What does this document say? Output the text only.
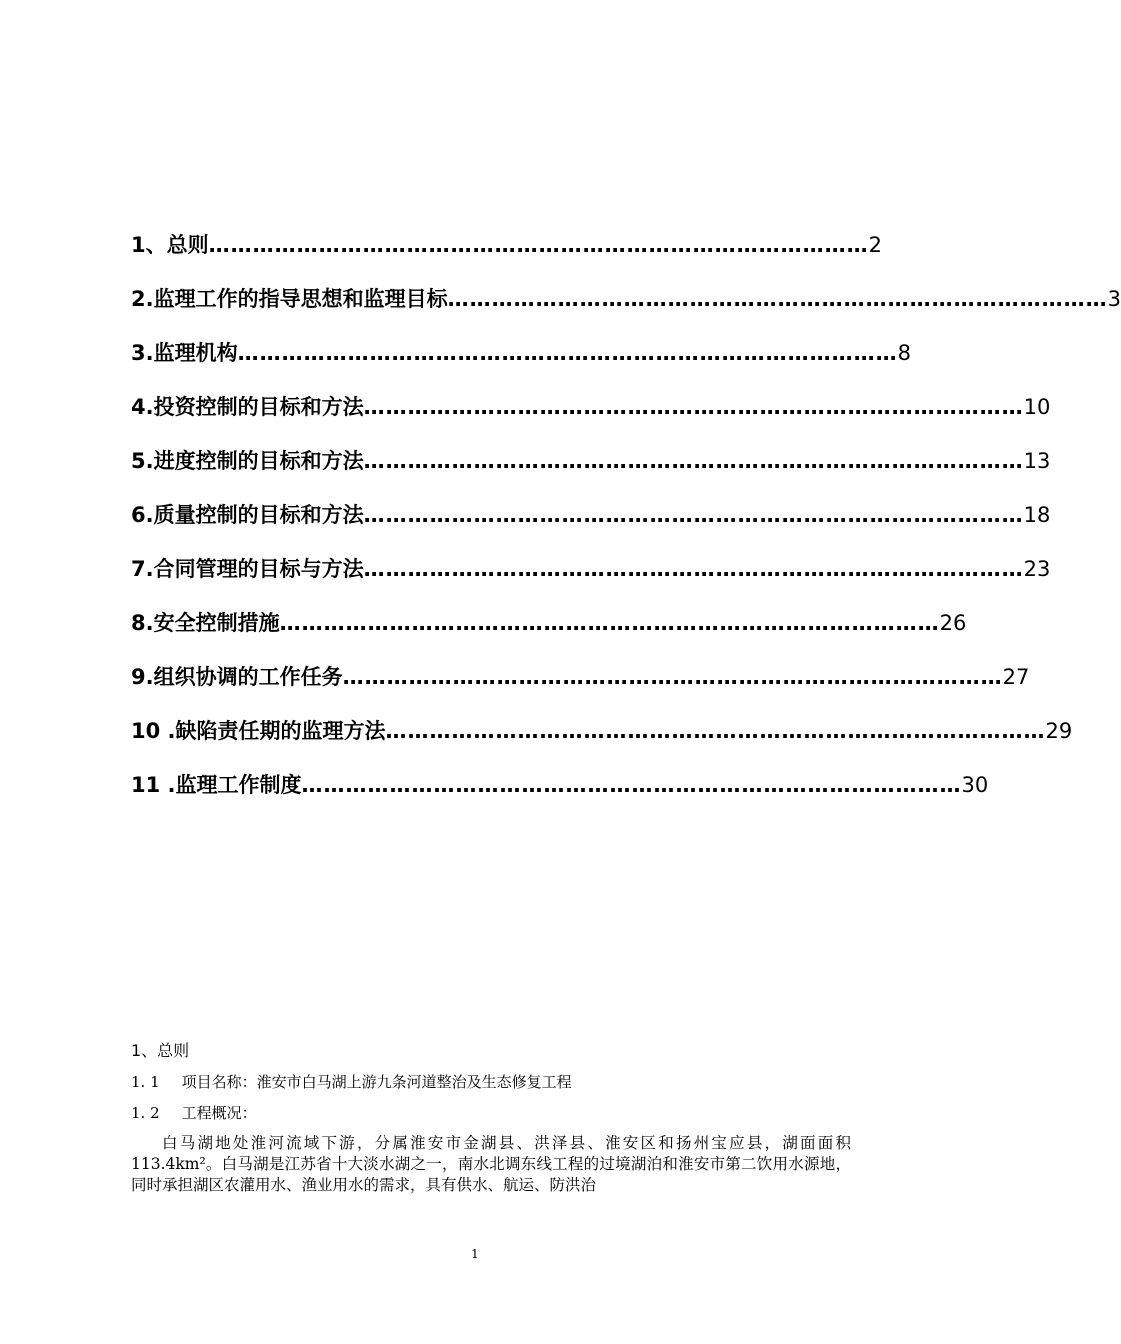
1、 总则 ……………………………………………………………………………… 2
2. 监理工作的指导思想和监理目标 ……………………………………………………………………………… 3
3. 监理机构 ……………………………………………………………………………… 8
4. 投资控制的目标和方法 ……………………………………………………………………………… 10
5. 进度控制的目标和方法 ……………………………………………………………………………… 13
6. 质量控制的目标和方法 ……………………………………………………………………………… 18
7. 合同管理的目标与方法 ……………………………………………………………………………… 23
8. 安全控制措施 ……………………………………………………………………………… 26
9. 组织协调的工作任务 ……………………………………………………………………………… 27
10 . 缺陷责任期的监理方法 ……………………………………………………………………………… 29
11 . 监理工作制度 ……………………………………………………………………………… 30

1、总则

1. 1 项目名称：淮安市白马湖上游九条河道整治及生态修复工程

1. 2 工程概况：

白马湖地处淮河流域下游，分属淮安市金湖县、洪泽县、淮安区和扬州宝应县，湖面面积113.4km²。白马湖是江苏省十大淡水湖之一，南水北调东线工程的过境湖泊和淮安市第二饮用水源地，同时承担湖区农灌用水、渔业用水的需求，具有供水、航运、防洪治

1
